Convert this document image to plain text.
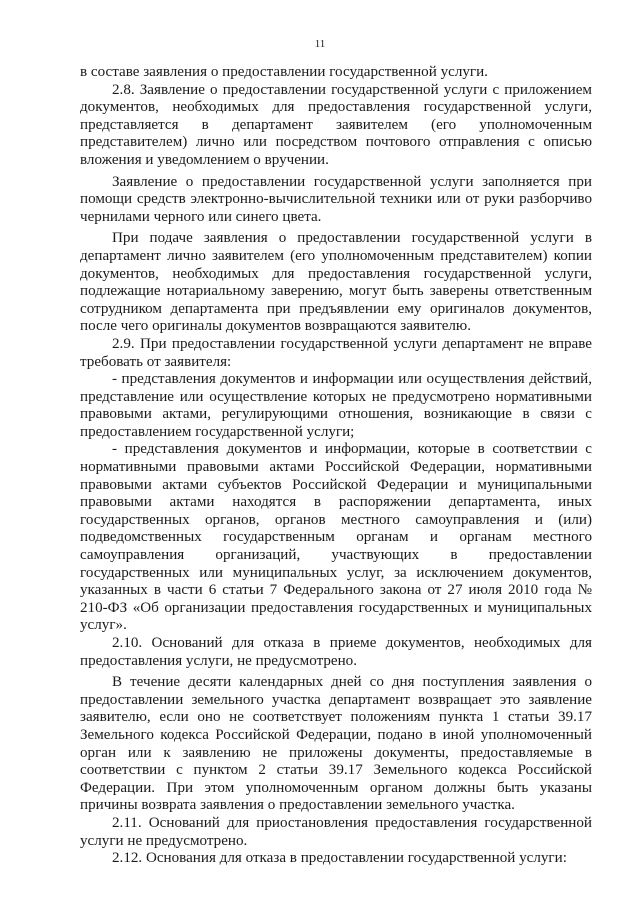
11

в составе заявления о предоставлении государственной услуги.

2.8. Заявление о предоставлении государственной услуги с приложением документов, необходимых для предоставления государственной услуги, представляется в департамент заявителем (его уполномоченным представителем) лично или посредством почтового отправления с описью вложения и уведомлением о вручении.

Заявление о предоставлении государственной услуги заполняется при помощи средств электронно-вычислительной техники или от руки разборчиво чернилами черного или синего цвета.

При подаче заявления о предоставлении государственной услуги в департамент лично заявителем (его уполномоченным представителем) копии документов, необходимых для предоставления государственной услуги, подлежащие нотариальному заверению, могут быть заверены ответственным сотрудником департамента при предъявлении ему оригиналов документов, после чего оригиналы документов возвращаются заявителю.

2.9. При предоставлении государственной услуги департамент не вправе требовать от заявителя:

- представления документов и информации или осуществления действий, представление или осуществление которых не предусмотрено нормативными правовыми актами, регулирующими отношения, возникающие в связи с предоставлением государственной услуги;

- представления документов и информации, которые в соответствии с нормативными правовыми актами Российской Федерации, нормативными правовыми актами субъектов Российской Федерации и муниципальными правовыми актами находятся в распоряжении департамента, иных государственных органов, органов местного самоуправления и (или) подведомственных государственным органам и органам местного самоуправления организаций, участвующих в предоставлении государственных или муниципальных услуг, за исключением документов, указанных в части 6 статьи 7 Федерального закона от 27 июля 2010 года № 210-ФЗ «Об организации предоставления государственных и муниципальных услуг».

2.10. Оснований для отказа в приеме документов, необходимых для предоставления услуги, не предусмотрено.

В течение десяти календарных дней со дня поступления заявления о предоставлении земельного участка департамент возвращает это заявление заявителю, если оно не соответствует положениям пункта 1 статьи 39.17 Земельного кодекса Российской Федерации, подано в иной уполномоченный орган или к заявлению не приложены документы, предоставляемые в соответствии с пунктом 2 статьи 39.17 Земельного кодекса Российской Федерации. При этом уполномоченным органом должны быть указаны причины возврата заявления о предоставлении земельного участка.

2.11. Оснований для приостановления предоставления государственной услуги не предусмотрено.

2.12. Основания для отказа в предоставлении государственной услуги:
